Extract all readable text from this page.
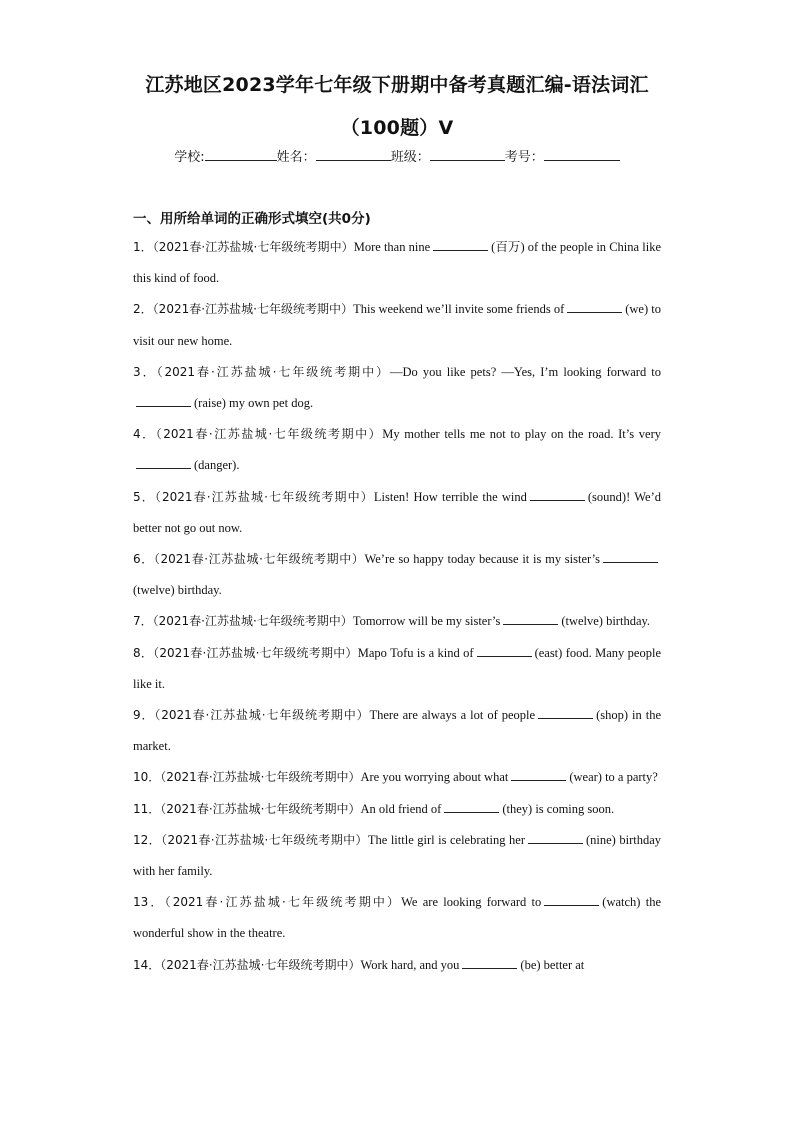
江苏地区2023学年七年级下册期中备考真题汇编-语法词汇
（100题）Ⅴ
学校:	姓名：	班级：	考号：
一、用所给单词的正确形式填空(共0分)
1．（2021春·江苏盐城·七年级统考期中）More than nine	(百万) of the people in China like this kind of food.
2．（2021春·江苏盐城·七年级统考期中）This weekend we’ll invite some friends of	(we) to visit our new home.
3．（2021春·江苏盐城·七年级统考期中）—Do you like pets? —Yes, I’m looking forward to(raise) my own pet dog.
4．（2021春·江苏盐城·七年级统考期中）My mother tells me not to play on the road. It’s very(danger).
5．（2021春·江苏盐城·七年级统考期中）Listen! How terrible the wind	(sound)! We’d better not go out now.
6．（2021春·江苏盐城·七年级统考期中）We’re so happy today because it is my sister’s(twelve) birthday.
7．（2021春·江苏盐城·七年级统考期中）Tomorrow will be my sister’s	(twelve) birthday.
8．（2021春·江苏盐城·七年级统考期中）Mapo Tofu is a kind of	(east) food. Many people like it.
9．（2021春·江苏盐城·七年级统考期中）There are always a lot of people	(shop) in the market.
10．（2021春·江苏盐城·七年级统考期中）Are you worrying about what	(wear) to a party?
11．（2021春·江苏盐城·七年级统考期中）An old friend of	(they) is coming soon.
12．（2021春·江苏盐城·七年级统考期中）The little girl is celebrating her	(nine) birthday with her family.
13．（2021春·江苏盐城·七年级统考期中）We are looking forward to	(watch) the wonderful show in the theatre.
14．（2021春·江苏盐城·七年级统考期中）Work hard, and you	(be) better at
